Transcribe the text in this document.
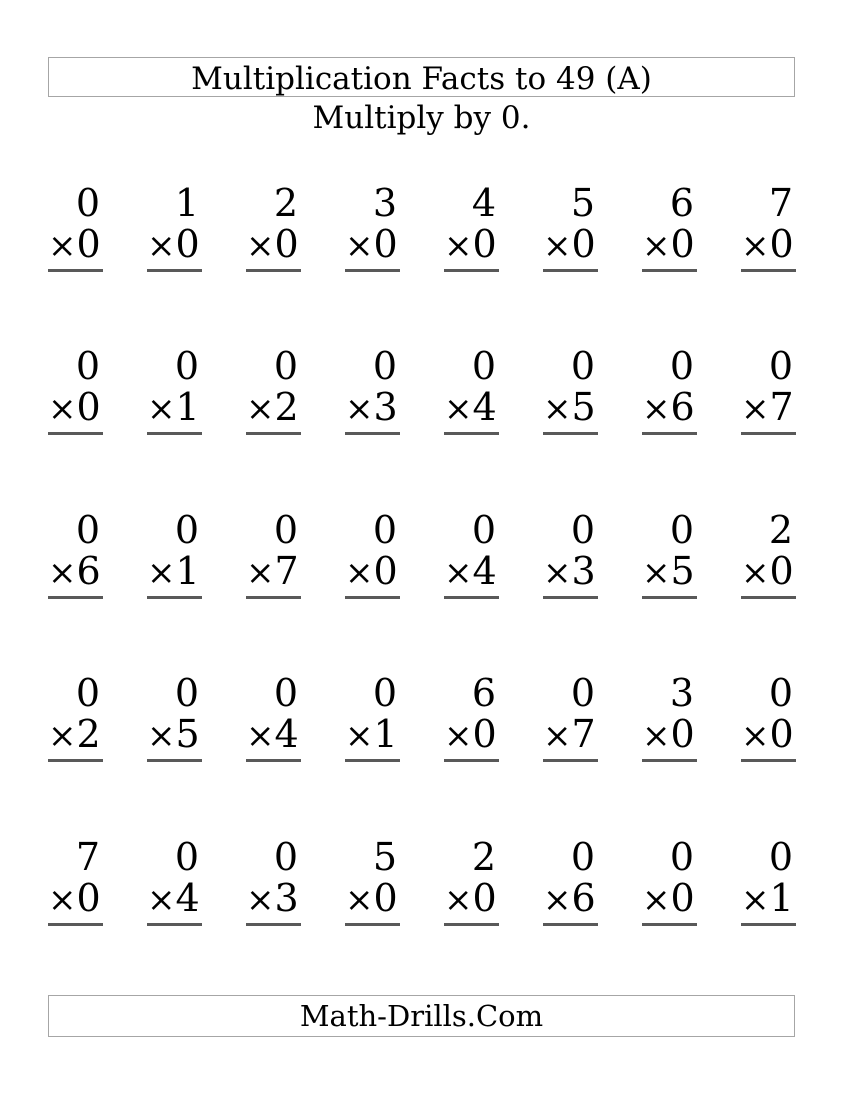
Multiplication Facts to 49 (A)
Multiply by 0.
0
× 0
1
× 0
2
× 0
3
× 0
4
× 0
5
× 0
6
× 0
7
× 0
0
× 0
0
× 1
0
× 2
0
× 3
0
× 4
0
× 5
0
× 6
0
× 7
0
× 6
0
× 1
0
× 7
0
× 0
0
× 4
0
× 3
0
× 5
2
× 0
0
× 2
0
× 5
0
× 4
0
× 1
6
× 0
0
× 7
3
× 0
0
× 0
7
× 0
0
× 4
0
× 3
5
× 0
2
× 0
0
× 6
0
× 0
0
× 1
Math-Drills.Com
